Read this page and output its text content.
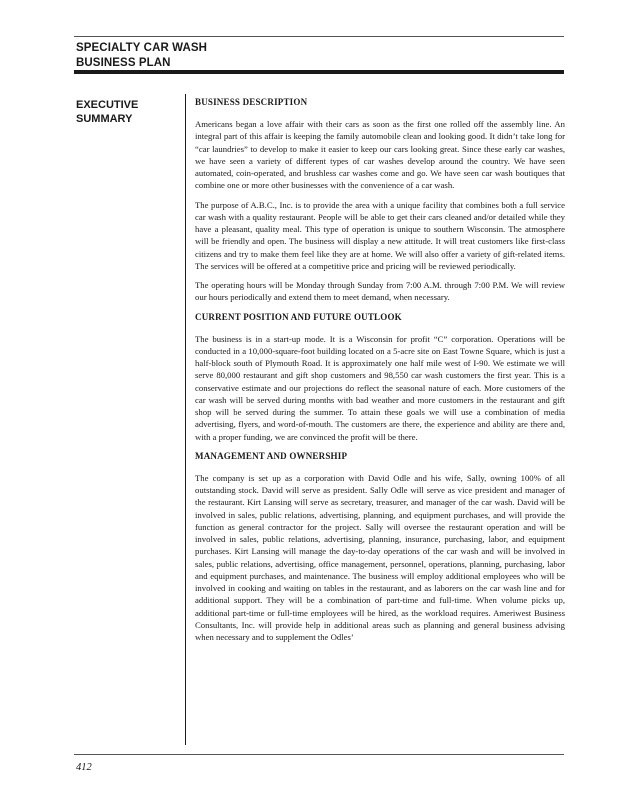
SPECIALTY CAR WASH
BUSINESS PLAN
EXECUTIVE
SUMMARY
BUSINESS DESCRIPTION

Americans began a love affair with their cars as soon as the first one rolled off the assembly line. An integral part of this affair is keeping the family automobile clean and looking good. It didn’t take long for “car laundries” to develop to make it easier to keep our cars looking great. Since these early car washes, we have seen a variety of different types of car washes develop around the country. We have seen automated, coin-operated, and brushless car washes come and go. We have seen car wash boutiques that combine one or more other businesses with the convenience of a car wash.

The purpose of A.B.C., Inc. is to provide the area with a unique facility that combines both a full service car wash with a quality restaurant. People will be able to get their cars cleaned and/or detailed while they have a pleasant, quality meal. This type of operation is unique to southern Wisconsin. The atmosphere will be friendly and open. The business will display a new attitude. It will treat customers like first-class citizens and try to make them feel like they are at home. We will also offer a variety of gift-related items. The services will be offered at a competitive price and pricing will be reviewed periodically.

The operating hours will be Monday through Sunday from 7:00 A.M. through 7:00 P.M. We will review our hours periodically and extend them to meet demand, when necessary.

CURRENT POSITION AND FUTURE OUTLOOK

The business is in a start-up mode. It is a Wisconsin for profit “C” corporation. Operations will be conducted in a 10,000-square-foot building located on a 5-acre site on East Towne Square, which is just a half-block south of Plymouth Road. It is approximately one half mile west of I-90. We estimate we will serve 80,000 restaurant and gift shop customers and 98,550 car wash customers the first year. This is a conservative estimate and our projections do reflect the seasonal nature of each. More customers of the car wash will be served during months with bad weather and more customers in the restaurant and gift shop will be served during the summer. To attain these goals we will use a combination of media advertising, flyers, and word-of-mouth. The customers are there, the experience and ability are there and, with a proper funding, we are convinced the profit will be there.

MANAGEMENT AND OWNERSHIP

The company is set up as a corporation with David Odle and his wife, Sally, owning 100% of all outstanding stock. David will serve as president. Sally Odle will serve as vice president and manager of the restaurant. Kirt Lansing will serve as secretary, treasurer, and manager of the car wash. David will be involved in sales, public relations, advertising, planning, and equipment purchases, and will provide the function as general contractor for the project. Sally will oversee the restaurant operation and will be involved in sales, public relations, advertising, planning, insurance, purchasing, labor, and equipment purchases. Kirt Lansing will manage the day-to-day operations of the car wash and will be involved in sales, public relations, advertising, office management, personnel, operations, planning, purchasing, labor and equipment purchases, and maintenance. The business will employ additional employees who will be involved in cooking and waiting on tables in the restaurant, and as laborers on the car wash line and for additional support. They will be a combination of part-time and full-time. When volume picks up, additional part-time or full-time employees will be hired, as the workload requires. Ameriwest Business Consultants, Inc. will provide help in additional areas such as planning and general business advising when necessary and to supplement the Odles’

412
